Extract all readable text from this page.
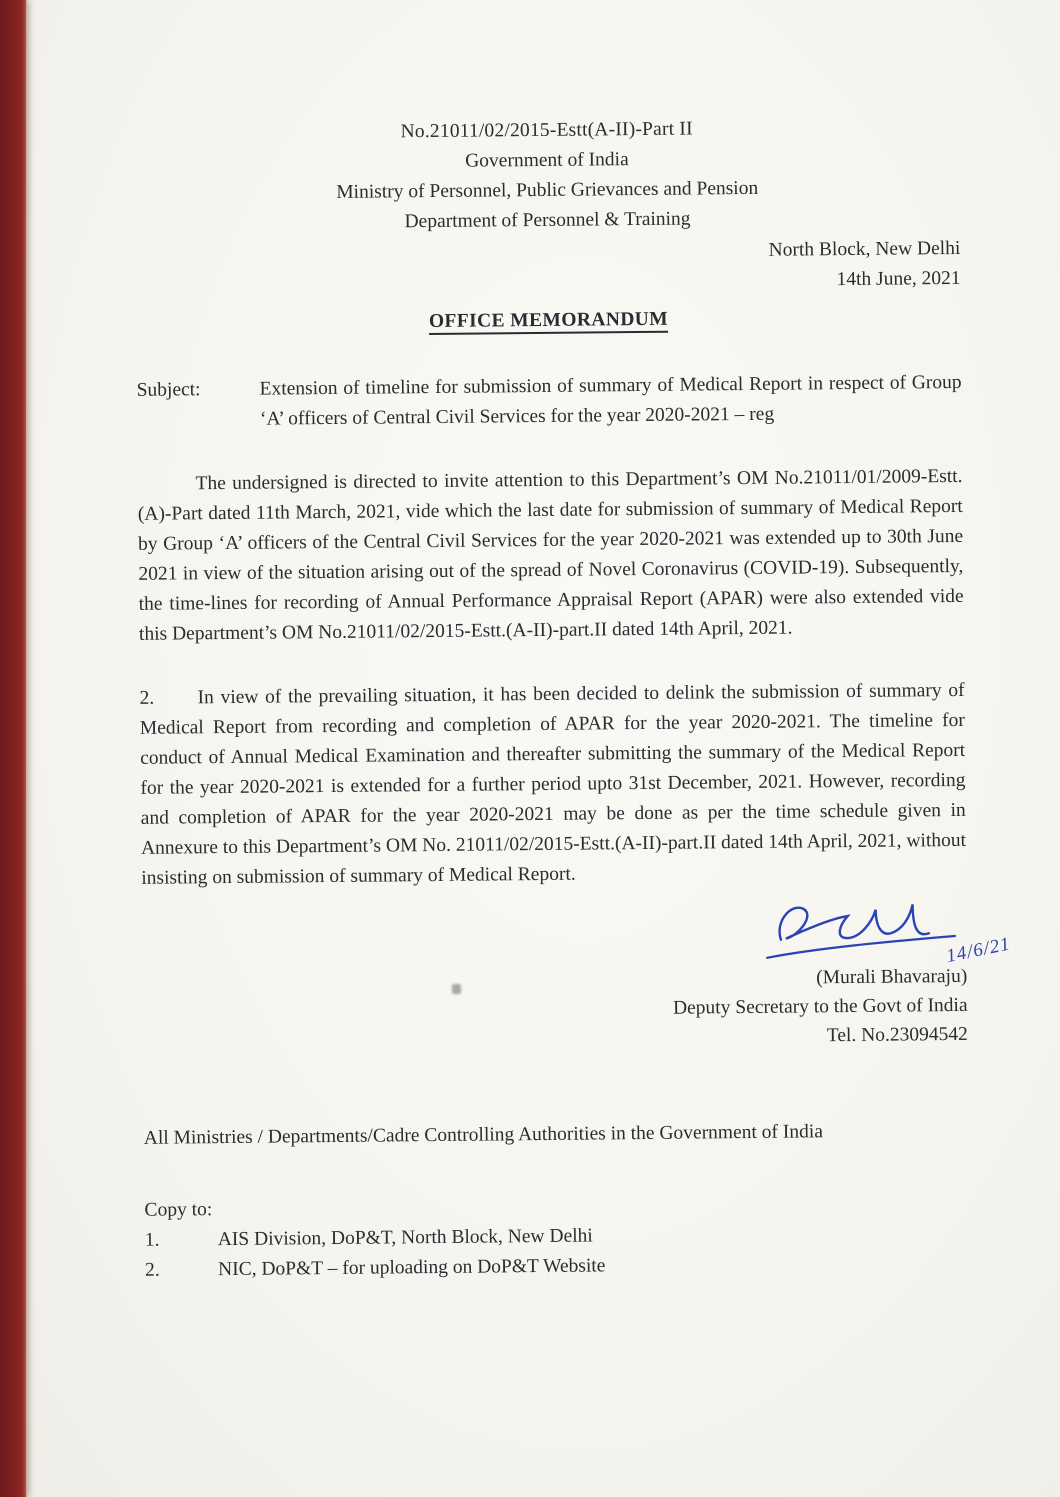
No.21011/02/2015-Estt(A-II)-Part II
Government of India
Ministry of Personnel, Public Grievances and Pension
Department of Personnel & Training
North Block, New Delhi
14th June, 2021
OFFICE MEMORANDUM
Subject:	Extension of timeline for submission of summary of Medical Report in respect of Group ‘A’ officers of Central Civil Services for the year 2020-2021 – reg

The undersigned is directed to invite attention to this Department’s OM No.21011/01/2009-Estt.(A)-Part dated 11th March, 2021, vide which the last date for submission of summary of Medical Report by Group ‘A’ officers of the Central Civil Services for the year 2020-2021 was extended up to 30th June 2021 in view of the situation arising out of the spread of Novel Coronavirus (COVID-19). Subsequently, the time-lines for recording of Annual Performance Appraisal Report (APAR) were also extended vide this Department’s OM No.21011/02/2015-Estt.(A-II)-part.II dated 14th April, 2021.

2. In view of the prevailing situation, it has been decided to delink the submission of summary of Medical Report from recording and completion of APAR for the year 2020-2021. The timeline for conduct of Annual Medical Examination and thereafter submitting the summary of the Medical Report for the year 2020-2021 is extended for a further period upto 31st December, 2021. However, recording and completion of APAR for the year 2020-2021 may be done as per the time schedule given in Annexure to this Department’s OM No. 21011/02/2015-Estt.(A-II)-part.II dated 14th April, 2021, without insisting on submission of summary of Medical Report.

14/6/21
(Murali Bhavaraju)
Deputy Secretary to the Govt of India
Tel. No.23094542
All Ministries / Departments/Cadre Controlling Authorities in the Government of India
Copy to:
1.	AIS Division, DoP&T, North Block, New Delhi
2.	NIC, DoP&T – for uploading on DoP&T Website
